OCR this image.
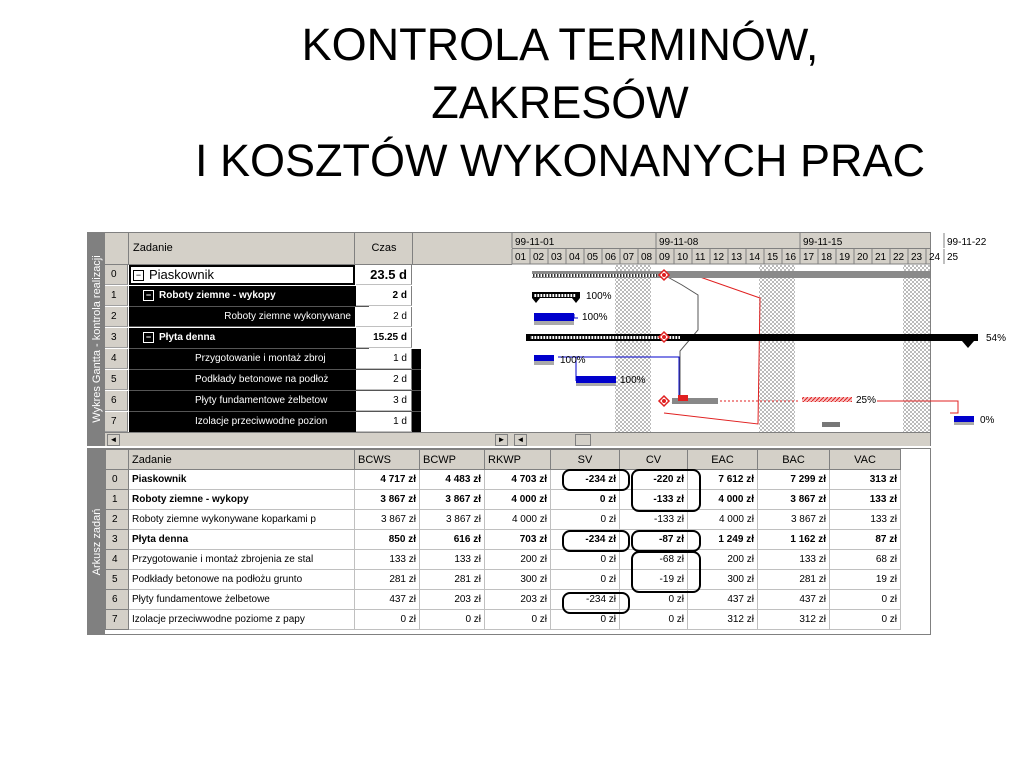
KONTROLA TERMINÓW,
ZAKRESÓW
I KOSZTÓW WYKONANYCH PRAC
Wykres Gantta - kontrola realizacji
Zadanie	Czas
0	− Piaskownik	23.5 d
1	− Roboty ziemne - wykopy	2 d
2	Roboty ziemne wykonywane	2 d
3	− Płyta denna	15.25 d
4	Przygotowanie i montaż zbroj	1 d
5	Podkłady betonowe na podłoż	2 d
6	Płyty fundamentowe żelbetow	3 d
7	Izolacje przeciwwodne pozion	1 d
99-11-01	99-11-08	99-11-15	99-11-22
01 02 03 04 05 06 07 08 09 10 11 12 13 14 15 16 17 18 19 20 21 22 23 24 25
100%
100%
54%
100%
100%
25%
0%
◄	►	◄
Arkusz zadań
	Zadanie	BCWS	BCWP	RKWP	SV	CV	EAC	BAC	VAC
0	Piaskownik	4 717 zł	4 483 zł	4 703 zł	-234 zł	-220 zł	7 612 zł	7 299 zł	313 zł
1	Roboty ziemne - wykopy	3 867 zł	3 867 zł	4 000 zł	0 zł	-133 zł	4 000 zł	3 867 zł	133 zł
2	Roboty ziemne wykonywane koparkami p	3 867 zł	3 867 zł	4 000 zł	0 zł	-133 zł	4 000 zł	3 867 zł	133 zł
3	Płyta denna	850 zł	616 zł	703 zł	-234 zł	-87 zł	1 249 zł	1 162 zł	87 zł
4	Przygotowanie i montaż zbrojenia ze stal	133 zł	133 zł	200 zł	0 zł	-68 zł	200 zł	133 zł	68 zł
5	Podkłady betonowe na podłożu grunto	281 zł	281 zł	300 zł	0 zł	-19 zł	300 zł	281 zł	19 zł
6	Płyty fundamentowe żelbetowe	437 zł	203 zł	203 zł	-234 zł	0 zł	437 zł	437 zł	0 zł
7	Izolacje przeciwwodne poziome z papy	0 zł	0 zł	0 zł	0 zł	0 zł	312 zł	312 zł	0 zł
